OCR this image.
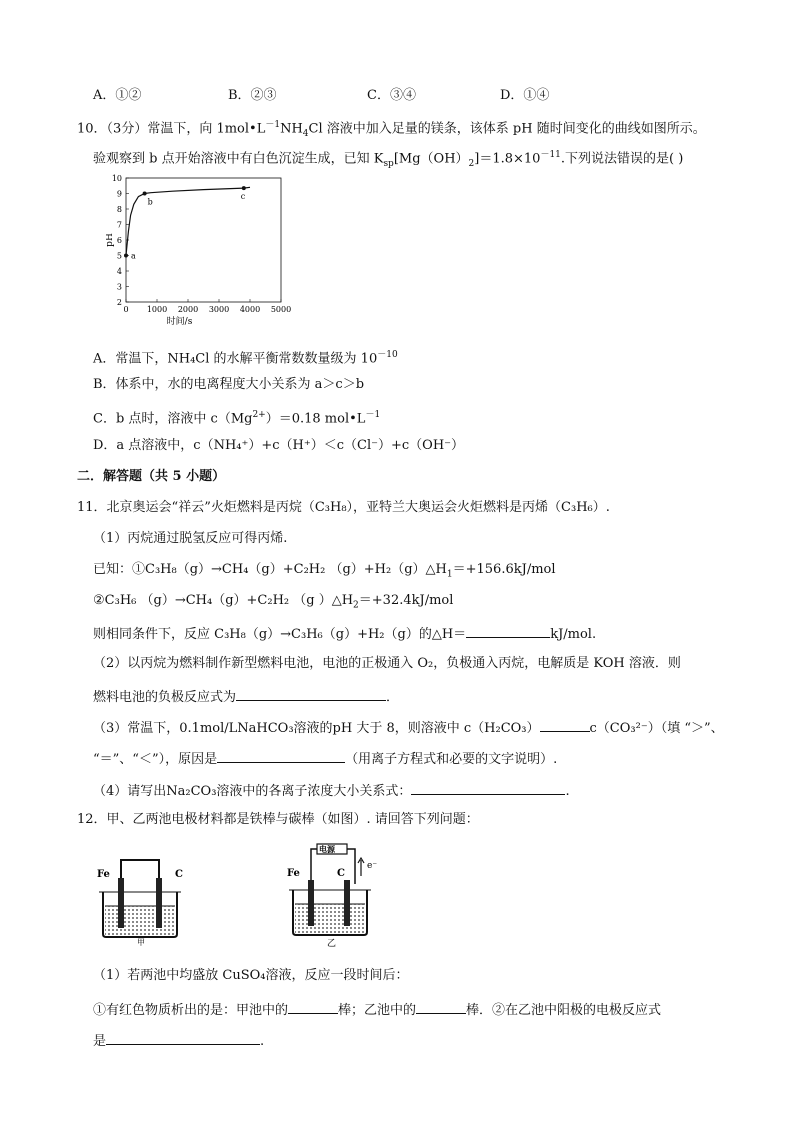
A．①②	B．②③	C．③④	D．①④
10．（3分）常温下，向 $1mol•L^{-1}NH_4Cl$ 溶液中加入足量的镁条，该体系 pH 随时间变化的曲线如图所示。
验观察到 b 点开始溶液中有白色沉淀生成，已知 $K_{sp}[Mg(OH)_2]=1.8\times 10^{-11}$.下列说法错误的是( )
2
3
4
5
6
7
8
9
10
0 1000 2000 3000 4000 5000
时间/s
pH
a
b
c
A．常温下，NH₄Cl 的水解平衡常数数量级为 $10^{-10}$
B．体系中，水的电离程度大小关系为 a＞c＞b
C．b 点时，溶液中 $c(Mg^{2+})=0.18$ $mol•L^{-1}$
D．a 点溶液中，c（NH₄⁺）+c（H⁺）＜c（Cl⁻）+c（OH⁻）
二．解答题（共 5 小题）
11．北京奥运会“祥云”火炬燃料是丙烷（C₃H₈），亚特兰大奥运会火炬燃料是丙烯（C₃H₆）.
（1）丙烷通过脱氢反应可得丙烯.
已知：①C₃H₈（g）→CH₄（g）+C₂H₂ $(g)+H_2(g)\triangle H_1=+156.6kJ$/mol
②C₃H₆ （g）→CH₄（g）+C₂H₂ （g ）$\triangle H_2=+32.4kJ$/mol
则相同条件下，反应 C₃H₈（g）→C₃H₆（g）+H₂（g）的△H＝	kJ/mol.
（2）以丙烷为燃料制作新型燃料电池，电池的正极通入 O₂，负极通入丙烷，电解质是 KOH 溶液．则
燃料电池的负极反应式为	．
（3）常温下，0.1mol/LNaHCO₃溶液的pH 大于 8，则溶液中 c（H₂CO₃）	c（CO₃²⁻）（填 “＞”、
“＝”、“＜”），原因是	（用离子方程式和必要的文字说明）.
（4）请写出Na₂CO₃溶液中的各离子浓度大小关系式：	.
12．甲、乙两池电极材料都是铁棒与碳棒（如图）. 请回答下列问题：
Fe	C
甲
电源
e⁻
Fe	C
乙
（1）若两池中均盛放 CuSO₄溶液，反应一段时间后：
①有红色物质析出的是：甲池中的	棒；乙池中的	棒．②在乙池中阳极的电极反应式
是	.
